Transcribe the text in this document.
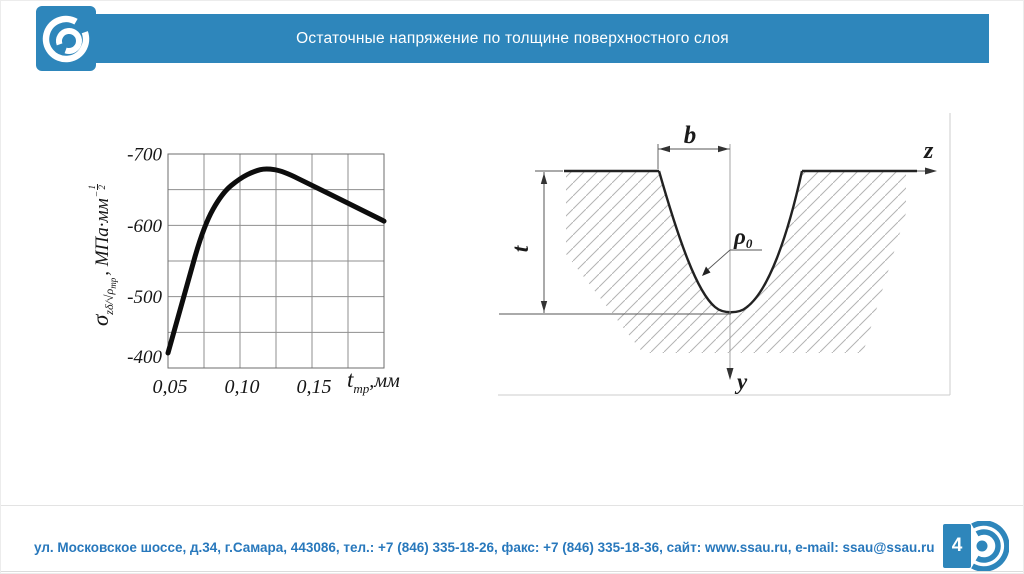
Остаточные напряжение по толщине поверхностного слоя
-700
-600
-500
-400
0,05 0,10 0,15
σ
zδ/√ρ
тр
, МПа·мм
−
1 2
t тр ,мм
z
y
b
t	ρ0
ул. Московское шоссе, д.34, г.Самара, 443086, тел.: +7 (846) 335-18-26, факс: +7 (846) 335-18-36, сайт: www.ssau.ru, e-mail: ssau@ssau.ru 4
